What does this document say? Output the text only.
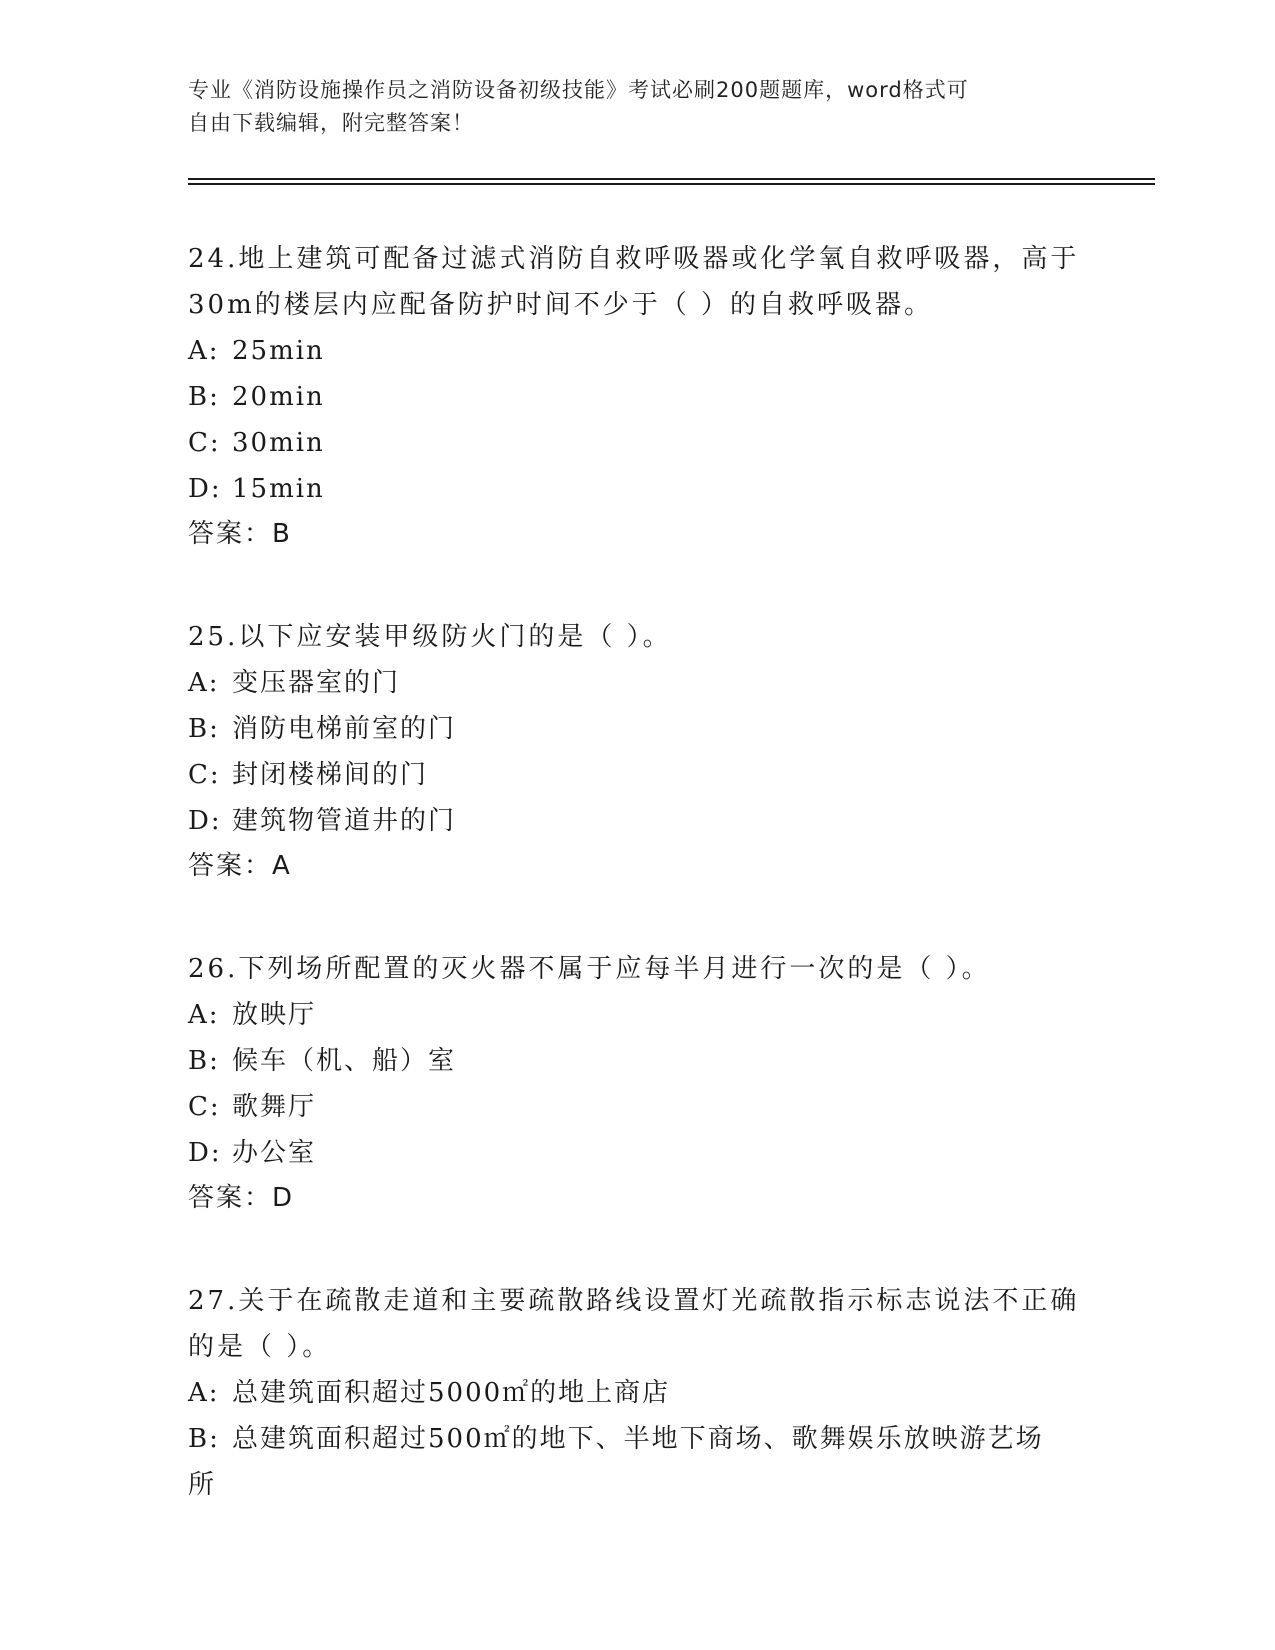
专业《消防设施操作员之消防设备初级技能》考试必刷200题题库，word格式可
自由下载编辑，附完整答案！

24.地上建筑可配备过滤式消防自救呼吸器或化学氧自救呼吸器，高于
30m的楼层内应配备防护时间不少于（ ）的自救呼吸器。

A: 25min

B: 20min

C: 30min

D: 15min

答案：B

25.以下应安装甲级防火门的是（ ）。

A: 变压器室的门

B: 消防电梯前室的门

C: 封闭楼梯间的门

D: 建筑物管道井的门

答案：A

26.下列场所配置的灭火器不属于应每半月进行一次的是（ ）。

A: 放映厅

B: 候车（机、船）室

C: 歌舞厅

D: 办公室

答案：D

27.关于在疏散走道和主要疏散路线设置灯光疏散指示标志说法不正确
的是（ ）。

A: 总建筑面积超过5000㎡的地上商店

B: 总建筑面积超过500㎡的地下、半地下商场、歌舞娱乐放映游艺场

所
